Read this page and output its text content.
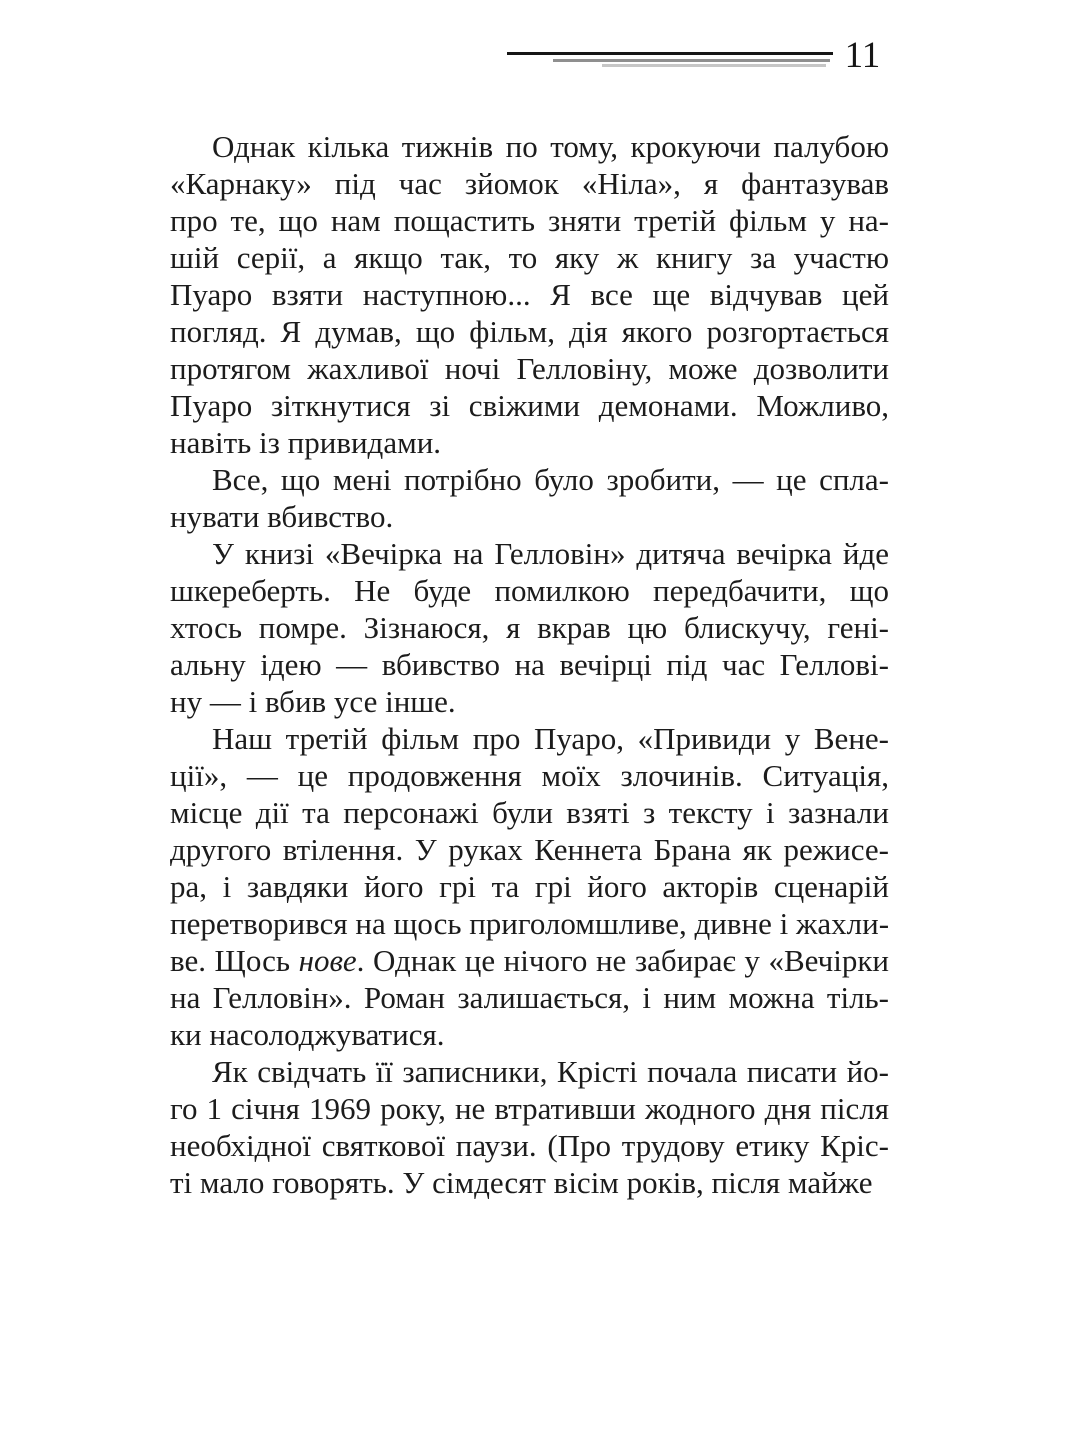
11
Однак кілька тижнів по тому, крокуючи палубою
«Карнаку» під час зйомок «Ніла», я фантазував
про те, що нам пощастить зняти третій фільм у на-
шій серії, а якщо так, то яку ж книгу за участю
Пуаро взяти наступною... Я все ще відчував цей
погляд. Я думав, що фільм, дія якого розгортається
протягом жахливої ночі Гелловіну, може дозволити
Пуаро зіткнутися зі свіжими демонами. Можливо,
навіть із привидами.
Все, що мені потрібно було зробити, — це спла-
нувати вбивство.
У книзі «Вечірка на Гелловін» дитяча вечірка йде
шкереберть. Не буде помилкою передбачити, що
хтось помре. Зізнаюся, я вкрав цю блискучу, гені-
альну ідею — вбивство на вечірці під час Геллові-
ну — і вбив усе інше.
Наш третій фільм про Пуаро, «Привиди у Вене-
ції», — це продовження моїх злочинів. Ситуація,
місце дії та персонажі були взяті з тексту і зазнали
другого втілення. У руках Кеннета Брана як режисе-
ра, і завдяки його грі та грі його акторів сценарій
перетворився на щось приголомшливе, дивне і жахли-
ве. Щось нове. Однак це нічого не забирає у «Вечірки
на Гелловін». Роман залишається, і ним можна тіль-
ки насолоджуватися.
Як свідчать її записники, Крісті почала писати йо-
го 1 січня 1969 року, не втративши жодного дня після
необхідної святкової паузи. (Про трудову етику Кріс-
ті мало говорять. У сімдесят вісім років, після майже
